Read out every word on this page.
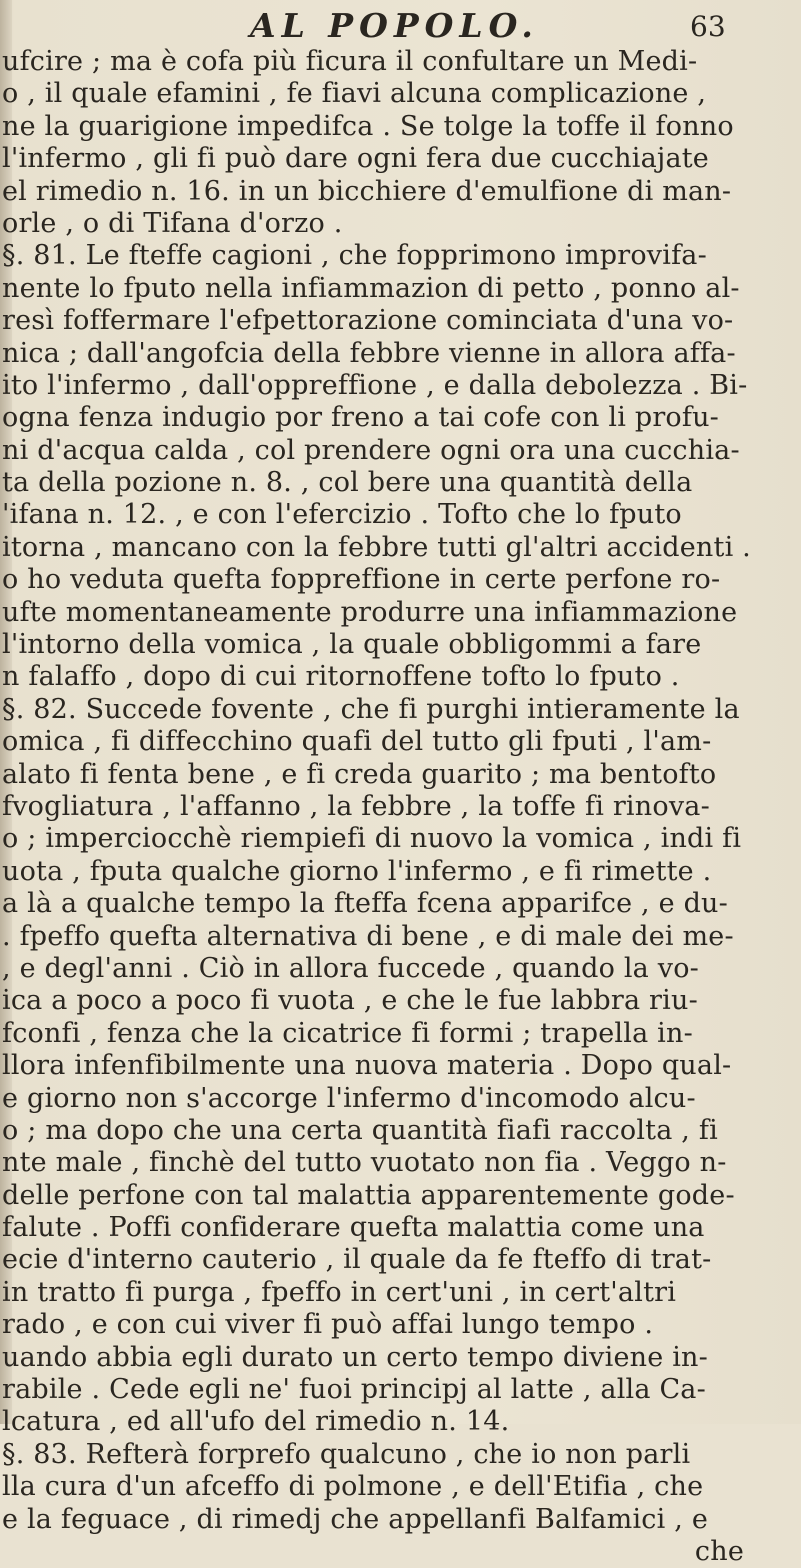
AL POPOLO.	63
ufcire ; ma è cofa più ficura il confultare un Medi-
o , il quale efamini , fe fiavi alcuna complicazione ,
ne la guarigione impedifca . Se tolge la toffe il fonno
l'infermo , gli fi può dare ogni fera due cucchiajate
el rimedio n. 16. in un bicchiere d'emulfione di man-
orle , o di Tifana d'orzo .
§. 81. Le fteffe cagioni , che fopprimono improvifa-
nente lo fputo nella infiammazion di petto , ponno al-
resì foffermare l'efpettorazione cominciata d'una vo-
nica ; dall'angofcia della febbre vienne in allora affa-
ito l'infermo , dall'oppreffione , e dalla debolezza . Bi-
ogna fenza indugio por freno a tai cofe con li profu-
ni d'acqua calda , col prendere ogni ora una cucchia-
ta della pozione n. 8. , col bere una quantità della
'ifana n. 12. , e con l'efercizio . Tofto che lo fputo
itorna , mancano con la febbre tutti gl'altri accidenti .
o ho veduta quefta foppreffione in certe perfone ro-
ufte momentaneamente produrre una infiammazione
l'intorno della vomica , la quale obbligommi a fare
n falaffo , dopo di cui ritornoffene tofto lo fputo .
§. 82. Succede fovente , che fi purghi intieramente la
omica , fi diffecchino quafi del tutto gli fputi , l'am-
alato fi fenta bene , e fi creda guarito ; ma bentofto
fvogliatura , l'affanno , la febbre , la toffe fi rinova-
o ; imperciocchè riempiefi di nuovo la vomica , indi fi
uota , fputa qualche giorno l'infermo , e fi rimette .
a là a qualche tempo la fteffa fcena apparifce , e du-
. fpeffo quefta alternativa di bene , e di male dei me-
, e degl'anni . Ciò in allora fuccede , quando la vo-
ica a poco a poco fi vuota , e che le fue labbra riu-
fconfi , fenza che la cicatrice fi formi ; trapella in-
llora infenfibilmente una nuova materia . Dopo qual-
e giorno non s'accorge l'infermo d'incomodo alcu-
o ; ma dopo che una certa quantità fiafi raccolta , fi
nte male , finchè del tutto vuotato non fia . Veggo n-
delle perfone con tal malattia apparentemente gode-
falute . Poffi confiderare quefta malattia come una
ecie d'interno cauterio , il quale da fe fteffo di trat-
in tratto fi purga , fpeffo in cert'uni , in cert'altri
rado , e con cui viver fi può affai lungo tempo .
uando abbia egli durato un certo tempo diviene in-
rabile . Cede egli ne' fuoi principj al latte , alla Ca-
lcatura , ed all'ufo del rimedio n. 14.
§. 83. Refterà forprefo qualcuno , che io non parli
lla cura d'un afceffo di polmone , e dell'Etifia , che
e la feguace , di rimedj che appellanfi Balfamici , e
che
